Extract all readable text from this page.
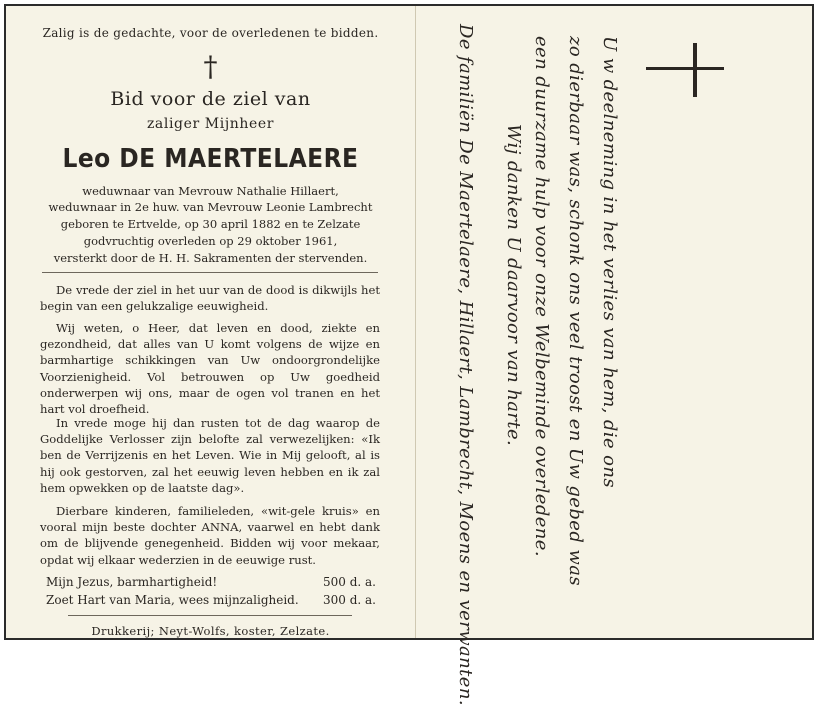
Zalig is de gedachte, voor de overledenen te bidden.
†
Bid voor de ziel van
zaliger Mijnheer
Leo DE MAERTELAERE
weduwnaar van Mevrouw Nathalie Hillaert,
weduwnaar in 2e huw. van Mevrouw Leonie Lambrecht
geboren te Ertvelde, op 30 april 1882 en te Zelzate
godvruchtig overleden op 29 oktober 1961,
versterkt door de H. H. Sakramenten der stervenden.
De vrede der ziel in het uur van de dood is dikwijls het begin van een gelukzalige eeuwigheid.
Wij weten, o Heer, dat leven en dood, ziekte en gezondheid, dat alles van U komt volgens de wijze en barmhartige schikkingen van Uw ondoorgrondelijke Voorzienigheid. Vol betrouwen op Uw goedheid onderwerpen wij ons, maar de ogen vol tranen en het hart vol droefheid.
In vrede moge hij dan rusten tot de dag waarop de Goddelijke Verlosser zijn belofte zal verwezelijken: «Ik ben de Verrijzenis en het Leven. Wie in Mij gelooft, al is hij ook gestorven, zal het eeuwig leven hebben en ik zal hem opwekken op de laatste dag».
Dierbare kinderen, familieleden, «wit-gele kruis» en vooral mijn beste dochter ANNA, vaarwel en hebt dank om de blijvende genegenheid. Bidden wij voor mekaar, opdat wij elkaar wederzien in de eeuwige rust.
Mijn Jezus, barmhartigheid!	500 d. a.
Zoet Hart van Maria, wees mijnzaligheid. 300 d. a.
Drukkerij; Neyt-Wolfs, koster, Zelzate.
U w deelneming in het verlies van hem, die ons
zo dierbaar was, schonk ons veel troost en Uw gebed was
een duurzame hulp voor onze Welbeminde overledene.
Wij danken U daarvoor van harte.
De familiën De Maertelaere, Hillaert, Lambrecht, Moens en verwanten.
